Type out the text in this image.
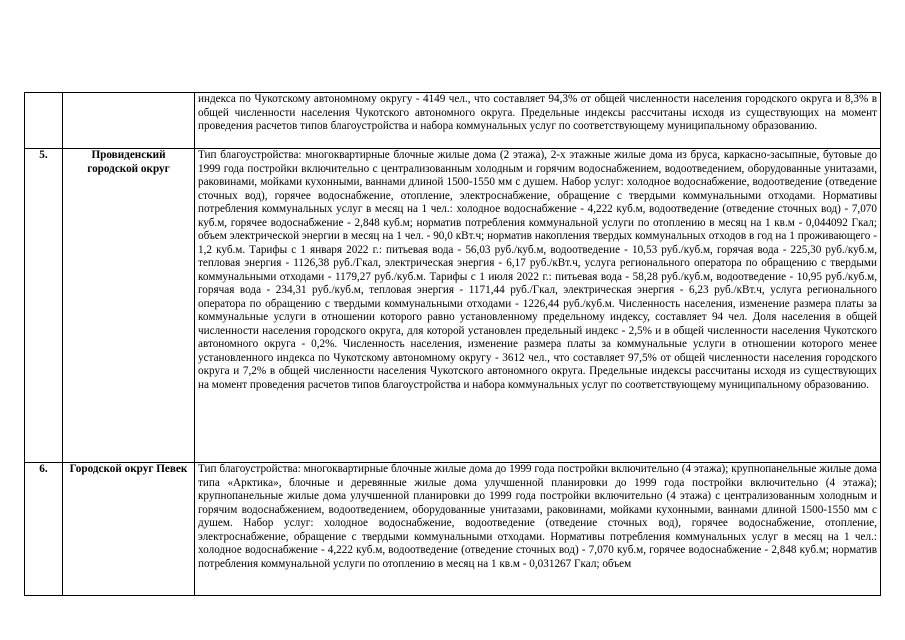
		индекса по Чукотскому автономному округу - 4149 чел., что составляет 94,3% от общей численности населения городского округа и 8,3% в общей численности населения Чукотского автономного округа. Предельные индексы рассчитаны исходя из существующих на момент проведения расчетов типов благоустройства и набора коммунальных услуг по соответствующему муниципальному образованию.
5.	Провиденский городской округ	Тип благоустройства: многоквартирные блочные жилые дома (2 этажа), 2-х этажные жилые дома из бруса, каркасно-засыпные, бутовые до 1999 года постройки включительно с централизованным холодным и горячим водоснабжением, водоотведением, оборудованные унитазами, раковинами, мойками кухонными, ваннами длиной 1500-1550 мм с душем. Набор услуг: холодное водоснабжение, водоотведение (отведение сточных вод), горячее водоснабжение, отопление, электроснабжение, обращение с твердыми коммунальными отходами. Нормативы потребления коммунальных услуг в месяц на 1 чел.: холодное водоснабжение - 4,222 куб.м, водоотведение (отведение сточных вод) - 7,070 куб.м, горячее водоснабжение - 2,848 куб.м; норматив потребления коммунальной услуги по отоплению в месяц на 1 кв.м - 0,044092 Гкал; объем электрической энергии в месяц на 1 чел. - 90,0 кВт.ч; норматив накопления твердых коммунальных отходов в год на 1 проживающего - 1,2 куб.м. Тарифы с 1 января 2022 г.: питьевая вода - 56,03 руб./куб.м, водоотведение - 10,53 руб./куб.м, горячая вода - 225,30 руб./куб.м, тепловая энергия - 1126,38 руб./Гкал, электрическая энергия - 6,17 руб./кВт.ч, услуга регионального оператора по обращению с твердыми коммунальными отходами - 1179,27 руб./куб.м. Тарифы с 1 июля 2022 г.: питьевая вода - 58,28 руб./куб.м, водоотведение - 10,95 руб./куб.м, горячая вода - 234,31 руб./куб.м, тепловая энергия - 1171,44 руб./Гкал, электрическая энергия - 6,23 руб./кВт.ч, услуга регионального оператора по обращению с твердыми коммунальными отходами - 1226,44 руб./куб.м. Численность населения, изменение размера платы за коммунальные услуги в отношении которого равно установленному предельному индексу, составляет 94 чел. Доля населения в общей численности населения городского округа, для которой установлен предельный индекс - 2,5% и в общей численности населения Чукотского автономного округа - 0,2%. Численность населения, изменение размера платы за коммунальные услуги в отношении которого менее установленного индекса по Чукотскому автономному округу - 3612 чел., что составляет 97,5% от общей численности населения городского округа и 7,2% в общей численности населения Чукотского автономного округа. Предельные индексы рассчитаны исходя из существующих на момент проведения расчетов типов благоустройства и набора коммунальных услуг по соответствующему муниципальному образованию.
6.	Городской округ Певек	Тип благоустройства: многоквартирные блочные жилые дома до 1999 года постройки включительно (4 этажа); крупнопанельные жилые дома типа «Арктика», блочные и деревянные жилые дома улучшенной планировки до 1999 года постройки включительно (4 этажа); крупнопанельные жилые дома улучшенной планировки до 1999 года постройки включительно (4 этажа) с централизованным холодным и горячим водоснабжением, водоотведением, оборудованные унитазами, раковинами, мойками кухонными, ваннами длиной 1500-1550 мм с душем. Набор услуг: холодное водоснабжение, водоотведение (отведение сточных вод), горячее водоснабжение, отопление, электроснабжение, обращение с твердыми коммунальными отходами. Нормативы потребления коммунальных услуг в месяц на 1 чел.: холодное водоснабжение - 4,222 куб.м, водоотведение (отведение сточных вод) - 7,070 куб.м, горячее водоснабжение - 2,848 куб.м; норматив потребления коммунальной услуги по отоплению в месяц на 1 кв.м - 0,031267 Гкал; объем
